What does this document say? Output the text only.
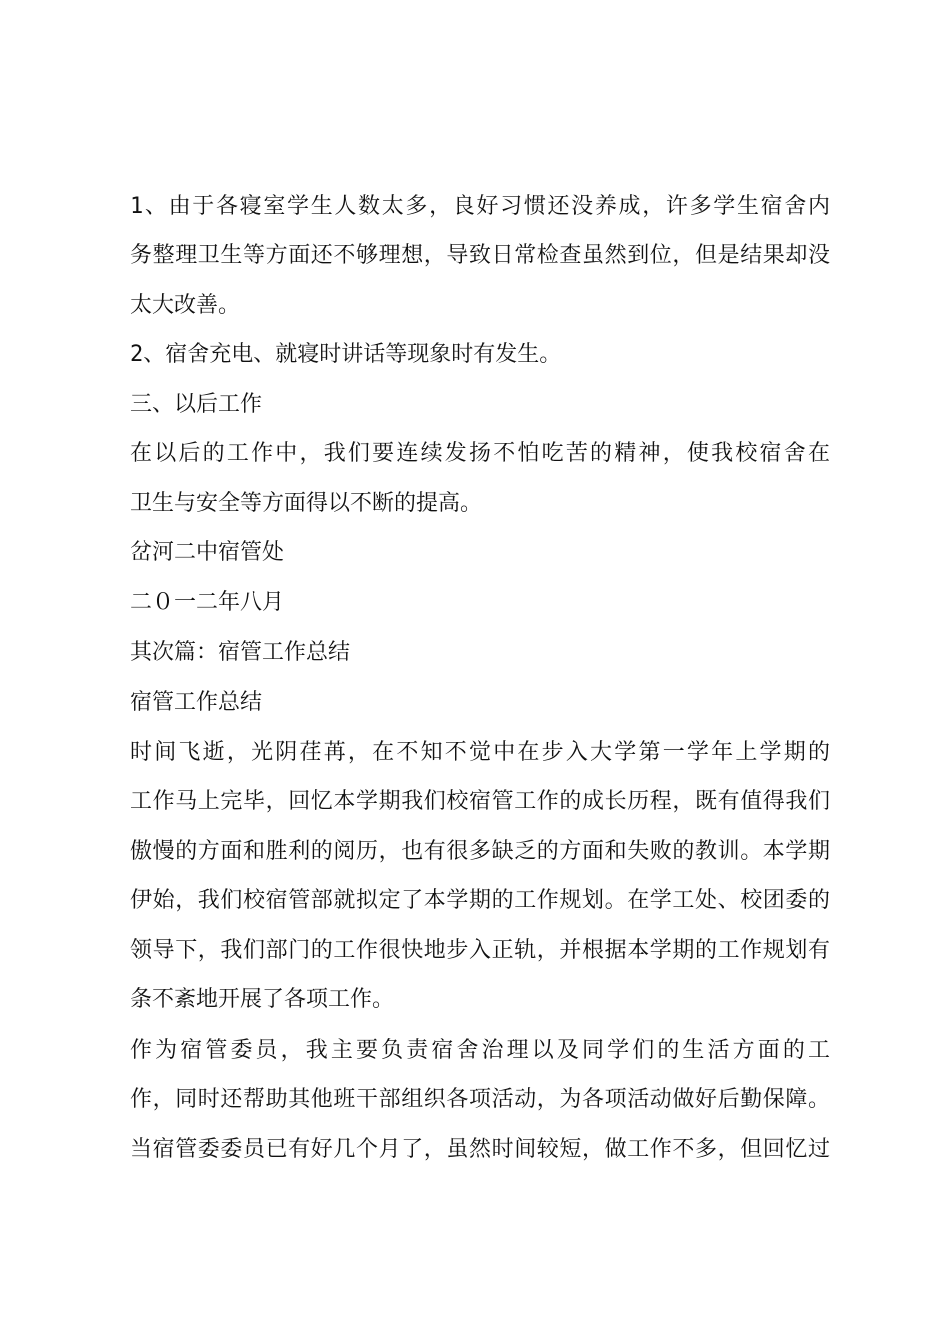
1、由于各寝室学生人数太多，良好习惯还没养成，许多学生宿舍内
务整理卫生等方面还不够理想，导致日常检查虽然到位，但是结果却没
太大改善。
2、宿舍充电、就寝时讲话等现象时有发生。
三、以后工作
在以后的工作中，我们要连续发扬不怕吃苦的精神，使我校宿舍在
卫生与安全等方面得以不断的提高。
岔河二中宿管处
二０一二年八月
其次篇：宿管工作总结
宿管工作总结
时间飞逝，光阴荏苒，在不知不觉中在步入大学第一学年上学期的
工作马上完毕，回忆本学期我们校宿管工作的成长历程，既有值得我们
傲慢的方面和胜利的阅历，也有很多缺乏的方面和失败的教训。本学期
伊始，我们校宿管部就拟定了本学期的工作规划。在学工处、校团委的
领导下，我们部门的工作很快地步入正轨，并根据本学期的工作规划有
条不紊地开展了各项工作。
作为宿管委员，我主要负责宿舍治理以及同学们的生活方面的工
作，同时还帮助其他班干部组织各项活动，为各项活动做好后勤保障。
当宿管委委员已有好几个月了，虽然时间较短，做工作不多，但回忆过
